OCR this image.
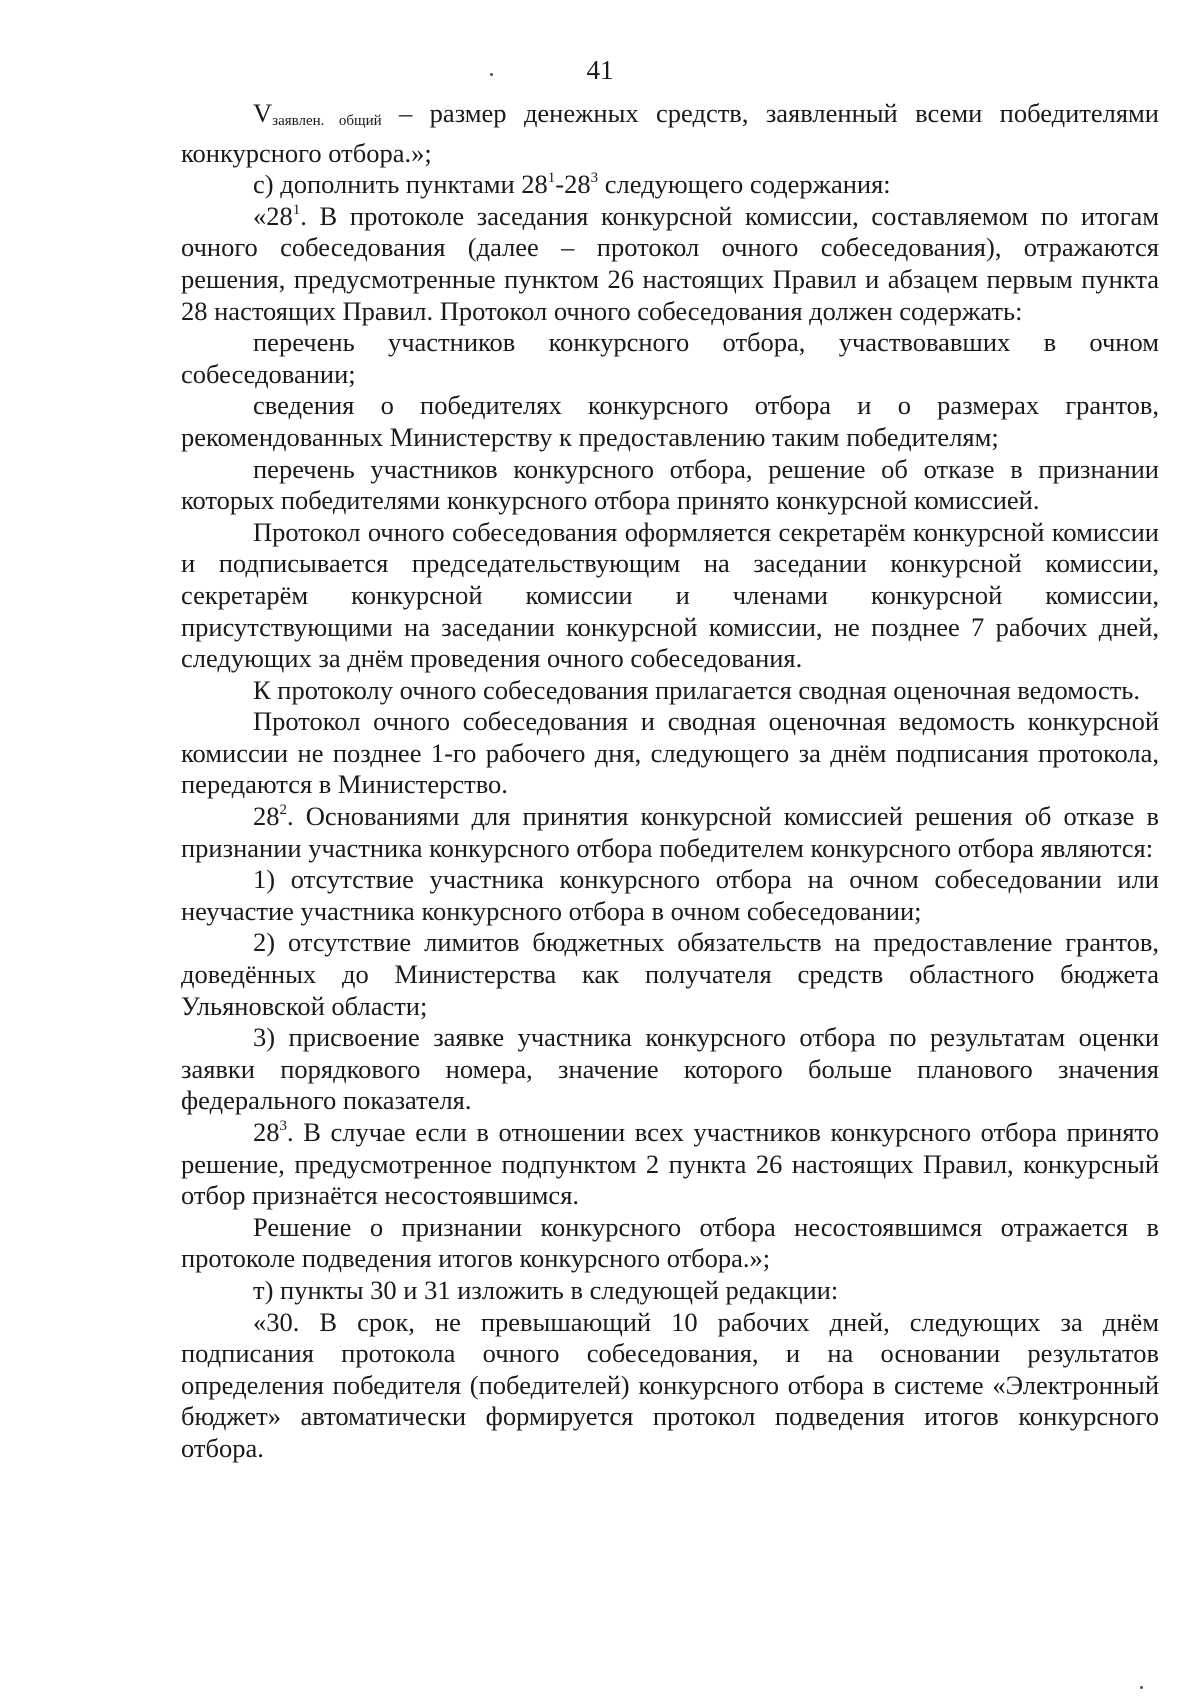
41

$V_{заявлен. общий}$ – размер денежных средств, заявленный всеми победителями конкурсного отбора.»;

с) дополнить пунктами $28^1-28^3$ следующего содержания:

«$28^1$. В протоколе заседания конкурсной комиссии, составляемом по итогам очного собеседования (далее – протокол очного собеседования), отражаются решения, предусмотренные пунктом 26 настоящих Правил и абзацем первым пункта 28 настоящих Правил. Протокол очного собеседования должен содержать:

перечень участников конкурсного отбора, участвовавших в очном собеседовании;

сведения о победителях конкурсного отбора и о размерах грантов, рекомендованных Министерству к предоставлению таким победителям;

перечень участников конкурсного отбора, решение об отказе в признании которых победителями конкурсного отбора принято конкурсной комиссией.

Протокол очного собеседования оформляется секретарём конкурсной комиссии и подписывается председательствующим на заседании конкурсной комиссии, секретарём конкурсной комиссии и членами конкурсной комиссии, присутствующими на заседании конкурсной комиссии, не позднее 7 рабочих дней, следующих за днём проведения очного собеседования.

К протоколу очного собеседования прилагается сводная оценочная ведомость.

Протокол очного собеседования и сводная оценочная ведомость конкурсной комиссии не позднее 1-го рабочего дня, следующего за днём подписания протокола, передаются в Министерство.

$28^2$. Основаниями для принятия конкурсной комиссией решения об отказе в признании участника конкурсного отбора победителем конкурсного отбора являются:

1) отсутствие участника конкурсного отбора на очном собеседовании или неучастие участника конкурсного отбора в очном собеседовании;

2) отсутствие лимитов бюджетных обязательств на предоставление грантов, доведённых до Министерства как получателя средств областного бюджета Ульяновской области;

3) присвоение заявке участника конкурсного отбора по результатам оценки заявки порядкового номера, значение которого больше планового значения федерального показателя.

$28^3$. В случае если в отношении всех участников конкурсного отбора принято решение, предусмотренное подпунктом 2 пункта 26 настоящих Правил, конкурсный отбор признаётся несостоявшимся.

Решение о признании конкурсного отбора несостоявшимся отражается в протоколе подведения итогов конкурсного отбора.»;

т) пункты 30 и 31 изложить в следующей редакции:

«30. В срок, не превышающий 10 рабочих дней, следующих за днём подписания протокола очного собеседования, и на основании результатов определения победителя (победителей) конкурсного отбора в системе «Электронный бюджет» автоматически формируется протокол подведения итогов конкурсного отбора.
